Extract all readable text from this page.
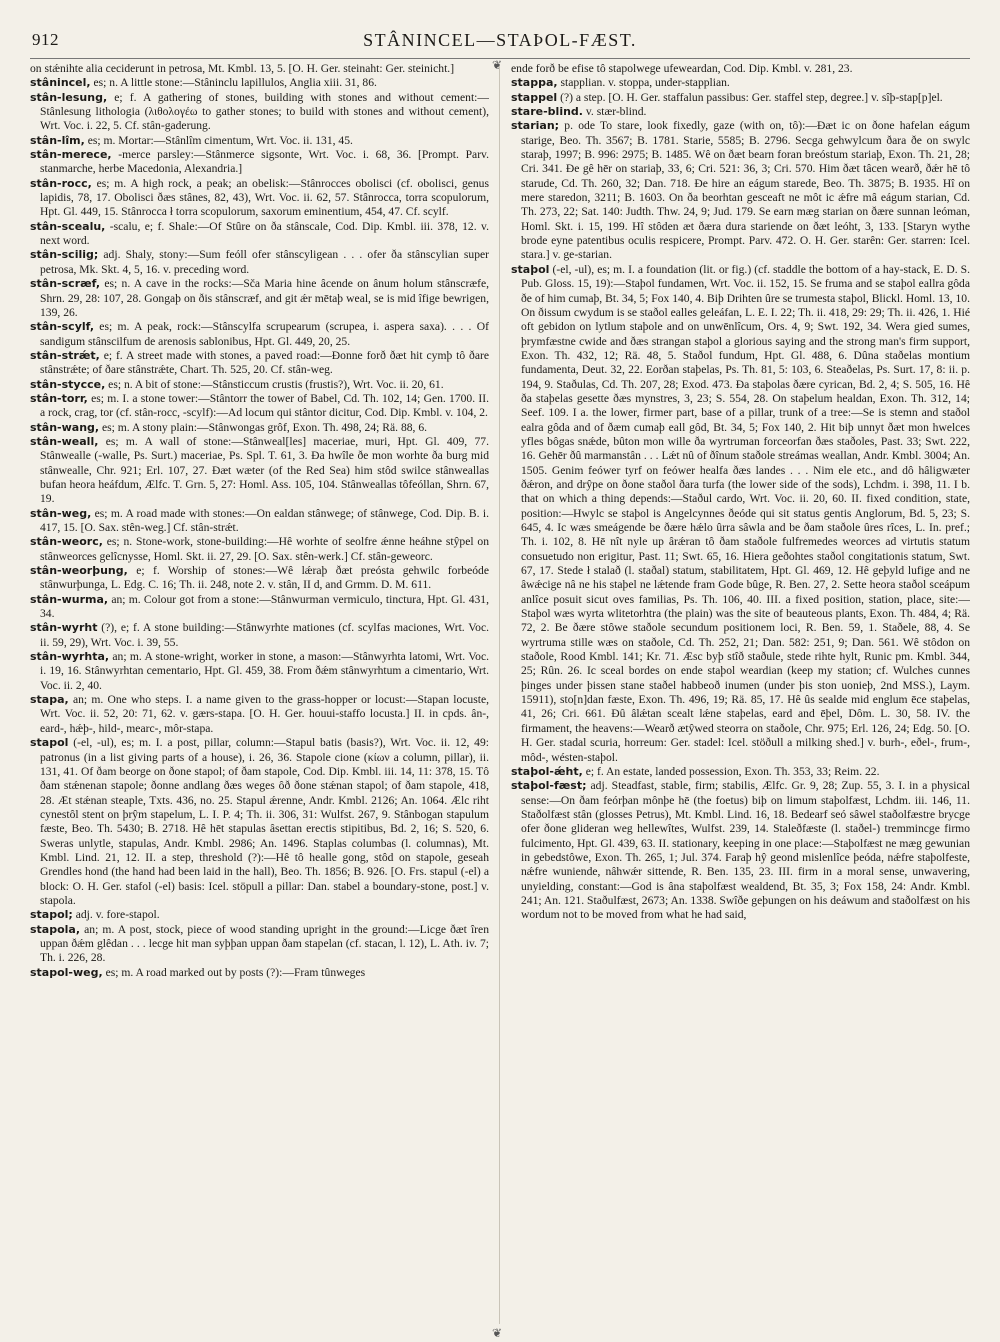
912	STÂNINCEL—STAÞOL-FÆST.
❦

on stǽnihte alia ceciderunt in petrosa, Mt. Kmbl. 13, 5. [O. H. Ger. steinaht: Ger. steinicht.]

stânincel, es; n. A little stone:—Stâninclu lapillulos, Anglia xiii. 31, 86.

stân-lesung, e; f. A gathering of stones, building with stones and without cement:—Stânlesung lithologia (λιθολογέω to gather stones; to build with stones and without cement), Wrt. Voc. i. 22, 5. Cf. stân-gaderung.

stân-lîm, es; m. Mortar:—Stânlîm cimentum, Wrt. Voc. ii. 131, 45.

stân-merece, -merce parsley:—Stânmerce sigsonte, Wrt. Voc. i. 68, 36. [Prompt. Parv. stanmarche, herbe Macedonia, Alexandria.]

stân-rocc, es; m. A high rock, a peak; an obelisk:—Stânrocces obolisci (cf. obolisci, genus lapidis, 78, 17. Obolisci ðæs stânes, 82, 43), Wrt. Voc. ii. 62, 57. Stânrocca, torra scopulorum, Hpt. Gl. 449, 15. Stânrocca ł torra scopulorum, saxorum eminentium, 454, 47. Cf. scylf.

stân-scealu, -scalu, e; f. Shale:—Of Stûre on ða stânscale, Cod. Dip. Kmbl. iii. 378, 12. v. next word.

stân-scilig; adj. Shaly, stony:—Sum feóll ofer stânscyligean . . . ofer ða stânscylian super petrosa, Mk. Skt. 4, 5, 16. v. preceding word.

stân-scræf, es; n. A cave in the rocks:—Sča Maria hine âcende on ânum holum stânscræfe, Shrn. 29, 28: 107, 28. Gongaþ on ðis stânscræf, and git ǽr mētaþ weal, se is mid îfige bewrigen, 139, 26.

stân-scylf, es; m. A peak, rock:—Stânscylfa scrupearum (scrupea, i. aspera saxa). . . . Of sandigum stânscilfum de arenosis sablonibus, Hpt. Gl. 449, 20, 25.

stân-strǽt, e; f. A street made with stones, a paved road:—Ðonne forð ðæt hit cymþ tô ðare stânstrǽte; of ðare stânstrǽte, Chart. Th. 525, 20. Cf. stân-weg.

stân-stycce, es; n. A bit of stone:—Stânsticcum crustis (frustis?), Wrt. Voc. ii. 20, 61.

stân-torr, es; m. I. a stone tower:—Stântorr the tower of Babel, Cd. Th. 102, 14; Gen. 1700. II. a rock, crag, tor (cf. stân-rocc, -scylf):—Ad locum qui stântor dicitur, Cod. Dip. Kmbl. v. 104, 2.

stân-wang, es; m. A stony plain:—Stânwongas grôf, Exon. Th. 498, 24; Rä. 88, 6.

stân-weall, es; m. A wall of stone:—Stânweal[les] maceriae, muri, Hpt. Gl. 409, 77. Stânwealle (-walle, Ps. Surt.) maceriae, Ps. Spl. T. 61, 3. Ða hwîle ðe mon worhte ða burg mid stânwealle, Chr. 921; Erl. 107, 27. Ðæt wæter (of the Red Sea) him stôd swilce stânweallas bufan heora heáfdum, Ælfc. T. Grn. 5, 27: Homl. Ass. 105, 104. Stânweallas tôfeóllan, Shrn. 67, 19.

stân-weg, es; m. A road made with stones:—On ealdan stânwege; of stânwege, Cod. Dip. B. i. 417, 15. [O. Sax. stên-weg.] Cf. stân-strǽt.

stân-weorc, es; n. Stone-work, stone-building:—Hê worhte of seolfre ǽnne heáhne stŷpel on stânweorces gelîcnysse, Homl. Skt. ii. 27, 29. [O. Sax. stên-werk.] Cf. stân-geweorc.

stân-weorþung, e; f. Worship of stones:—Wê lǽraþ ðæt preósta gehwilc forbeóde stânwurþunga, L. Edg. C. 16; Th. ii. 248, note 2. v. stân, II d, and Grmm. D. M. 611.

stân-wurma, an; m. Colour got from a stone:—Stânwurman vermiculo, tinctura, Hpt. Gl. 431, 34.

stân-wyrht (?), e; f. A stone building:—Stânwyrhte mationes (cf. scylfas maciones, Wrt. Voc. ii. 59, 29), Wrt. Voc. i. 39, 55.

stân-wyrhta, an; m. A stone-wright, worker in stone, a mason:—Stânwyrhta latomi, Wrt. Voc. i. 19, 16. Stânwyrhtan cementario, Hpt. Gl. 459, 38. From ðǽm stânwyrhtum a cimentario, Wrt. Voc. ii. 2, 40.

stapa, an; m. One who steps. I. a name given to the grass-hopper or locust:—Stapan locuste, Wrt. Voc. ii. 52, 20: 71, 62. v. gærs-stapa. [O. H. Ger. houui-staffo locusta.] II. in cpds. ân-, eard-, hǽþ-, hild-, mearc-, môr-stapa.

stapol (-el, -ul), es; m. I. a post, pillar, column:—Stapul batis (basis?), Wrt. Voc. ii. 12, 49: patronus (in a list giving parts of a house), i. 26, 36. Stapole cione (κίων a column, pillar), ii. 131, 41. Of ðam beorge on ðone stapol; of ðam stapole, Cod. Dip. Kmbl. iii. 14, 11: 378, 15. Tô ðam stǽnenan stapole; ðonne andlang ðæs weges ôð ðone stǽnan stapol; of ðam stapole, 418, 28. Æt stǽnan steaple, Txts. 436, no. 25. Stapul ǽrenne, Andr. Kmbl. 2126; An. 1064. Ælc riht cynestôl stent on þrŷm stapelum, L. I. P. 4; Th. ii. 306, 31: Wulfst. 267, 9. Stânbogan stapulum fæste, Beo. Th. 5430; B. 2718. Hê hēt stapulas âsettan erectis stipitibus, Bd. 2, 16; S. 520, 6. Sweras unlytle, stapulas, Andr. Kmbl. 2986; An. 1496. Staplas columbas (l. columnas), Mt. Kmbl. Lind. 21, 12. II. a step, threshold (?):—Hê tô healle gong, stôd on stapole, geseah Grendles hond (the hand had been laid in the hall), Beo. Th. 1856; B. 926. [O. Frs. stapul (-el) a block: O. H. Ger. stafol (-el) basis: Icel. stöpull a pillar: Dan. stabel a boundary-stone, post.] v. stapola.

stapol; adj. v. fore-stapol.

stapola, an; m. A post, stock, piece of wood standing upright in the ground:—Licge ðæt îren uppan ðǽm glêdan . . . lecge hit man syþþan uppan ðam stapelan (cf. stacan, l. 12), L. Ath. iv. 7; Th. i. 226, 28.

stapol-weg, es; m. A road marked out by posts (?):—Fram tûnweges

ende forð be efise tô stapolwege ufeweardan, Cod. Dip. Kmbl. v. 281, 23.

stappa, stapplian. v. stoppa, under-stapplian.

stappel (?) a step. [O. H. Ger. staffalun passibus: Ger. staffel step, degree.] v. sîþ-stap[p]el.

stare-blind. v. stær-blind.

starian; p. ode To stare, look fixedly, gaze (with on, tô):—Ðæt ic on ðone hafelan eágum starige, Beo. Th. 3567; B. 1781. Starie, 5585; B. 2796. Secga gehwylcum ðara ðe on swylc staraþ, 1997; B. 996: 2975; B. 1485. Wê on ðæt bearn foran breóstum stariaþ, Exon. Th. 21, 28; Cri. 341. Ðe gê hēr on stariaþ, 33, 6; Cri. 521: 36, 3; Cri. 570. Him ðæt tâcen wearð, ðǽr hē tô starude, Cd. Th. 260, 32; Dan. 718. Ðe hire an eágum starede, Beo. Th. 3875; B. 1935. Hî on mere staredon, 3211; B. 1603. On ða beorhtan gesceaft ne môt ic ǽfre mâ eágum starian, Cd. Th. 273, 22; Sat. 140: Judth. Thw. 24, 9; Jud. 179. Se earn mæg starian on ðære sunnan leóman, Homl. Skt. i. 15, 199. Hî stôden æt ðæra dura stariende on ðæt leóht, 3, 133. [Staryn wythe brode eyne patentibus oculis respicere, Prompt. Parv. 472. O. H. Ger. starên: Ger. starren: Icel. stara.] v. ge-starian.

staþol (-el, -ul), es; m. I. a foundation (lit. or fig.) (cf. staddle the bottom of a hay-stack, E. D. S. Pub. Gloss. 15, 19):—Staþol fundamen, Wrt. Voc. ii. 152, 15. Se fruma and se staþol eallra gôda ðe of him cumaþ, Bt. 34, 5; Fox 140, 4. Biþ Drihten ûre se trumesta staþol, Blickl. Homl. 13, 10. On ðissum cwydum is se staðol ealles geleáfan, L. E. I. 22; Th. ii. 418, 29: 29; Th. ii. 426, 1. Hié oft gebidon on lytlum staþole and on unwēnlîcum, Ors. 4, 9; Swt. 192, 34. Wera gied sumes, þrymfæstne cwide and ðæs strangan staþol a glorious saying and the strong man's firm support, Exon. Th. 432, 12; Rä. 48, 5. Staðol fundum, Hpt. Gl. 488, 6. Dûna staðelas montium fundamenta, Deut. 32, 22. Eorðan staþelas, Ps. Th. 81, 5: 103, 6. Steaðelas, Ps. Surt. 17, 8: ii. p. 194, 9. Staðulas, Cd. Th. 207, 28; Exod. 473. Ða staþolas ðære cyrican, Bd. 2, 4; S. 505, 16. Hê ða staþelas gesette ðæs mynstres, 3, 23; S. 554, 28. On staþelum healdan, Exon. Th. 312, 14; Seef. 109. I a. the lower, firmer part, base of a pillar, trunk of a tree:—Se is stemn and staðol ealra gôda and of ðæm cumaþ eall gôd, Bt. 34, 5; Fox 140, 2. Hit biþ unnyt ðæt mon hwelces yfles bôgas snǽde, bûton mon wille ða wyrtruman forceorfan ðæs staðoles, Past. 33; Swt. 222, 16. Gehēr ðû marmanstân . . . Lǽt nû of ðînum staðole streámas weallan, Andr. Kmbl. 3004; An. 1505. Genim feówer tyrf on feówer healfa ðæs landes . . . Nim ele etc., and dô hâligwæter ðǽron, and drŷpe on ðone staðol ðara turfa (the lower side of the sods), Lchdm. i. 398, 11. I b. that on which a thing depends:—Staðul cardo, Wrt. Voc. ii. 20, 60. II. fixed condition, state, position:—Hwylc se staþol is Angelcynnes ðeóde qui sit status gentis Anglorum, Bd. 5, 23; S. 645, 4. Ic wæs smeágende be ðære hǽlo ûrra sâwla and be ðam staðole ûres rîces, L. In. pref.; Th. i. 102, 8. Hē nît nyle up ârǽran tô ðam staðole fulfremedes weorces ad virtutis statum consuetudo non erigitur, Past. 11; Swt. 65, 16. Hiera geðohtes staðol congitationis statum, Swt. 67, 17. Stede ł stalað (l. staðal) statum, stabilitatem, Hpt. Gl. 469, 12. Hê geþyld lufige and ne âwǽcige nâ ne his staþel ne lǽtende fram Gode bûge, R. Ben. 27, 2. Sette heora staðol sceápum anlîce posuit sicut oves familias, Ps. Th. 106, 40. III. a fixed position, station, place, site:—Staþol wæs wyrta wlitetorhtra (the plain) was the site of beauteous plants, Exon. Th. 484, 4; Rä. 72, 2. Be ðære stôwe staðole secundum positionem loci, R. Ben. 59, 1. Staðele, 88, 4. Se wyrtruma stille wæs on staðole, Cd. Th. 252, 21; Dan. 582: 251, 9; Dan. 561. Wê stôdon on staðole, Rood Kmbl. 141; Kr. 71. Æsc byþ stîð staðule, stede rihte hylt, Runic pm. Kmbl. 344, 25; Rûn. 26. Ic sceal bordes on ende staþol weardian (keep my station; cf. Wulches cunnes þinges under þissen stane staðel habbeoð inumen (under þis ston uonieþ, 2nd MSS.), Laym. 15911), sto[n]dan fæste, Exon. Th. 496, 19; Rä. 85, 17. Hê ûs sealde mid englum ēce staþelas, 41, 26; Cri. 661. Ðû âlǽtan scealt lǽne staþelas, eard and ēþel, Dôm. L. 30, 58. IV. the firmament, the heavens:—Wearð ætŷwed steorra on staðole, Chr. 975; Erl. 126, 24; Edg. 50. [O. H. Ger. stadal scuria, horreum: Ger. stadel: Icel. stöðull a milking shed.] v. burh-, eðel-, frum-, môd-, wésten-staþol.

staþol-ǽht, e; f. An estate, landed possession, Exon. Th. 353, 33; Reim. 22.

staþol-fæst; adj. Steadfast, stable, firm; stabilis, Ælfc. Gr. 9, 28; Zup. 55, 3. I. in a physical sense:—On ðam feórþan mônþe hē (the foetus) biþ on limum staþolfæst, Lchdm. iii. 146, 11. Staðolfæst stân (glosses Petrus), Mt. Kmbl. Lind. 16, 18. Bedearf seó sâwel staðolfæstre brycge ofer ðone glideran weg hellewîtes, Wulfst. 239, 14. Staleðfæste (l. staðel-) tremmincge firmo fulcimento, Hpt. Gl. 439, 63. II. stationary, keeping in one place:—Staþolfæst ne mæg gewunian in gebedstôwe, Exon. Th. 265, 1; Jul. 374. Faraþ hŷ geond mislenlîce þeóda, nǽfre staþolfeste, nǽfre wuniende, nâhwǽr sittende, R. Ben. 135, 23. III. firm in a moral sense, unwavering, unyielding, constant:—God is âna staþolfæst wealdend, Bt. 35, 3; Fox 158, 24: Andr. Kmbl. 241; An. 121. Staðulfæst, 2673; An. 1338. Swîðe geþungen on his deáwum and staðolfæst on his wordum not to be moved from what he had said,

❦
